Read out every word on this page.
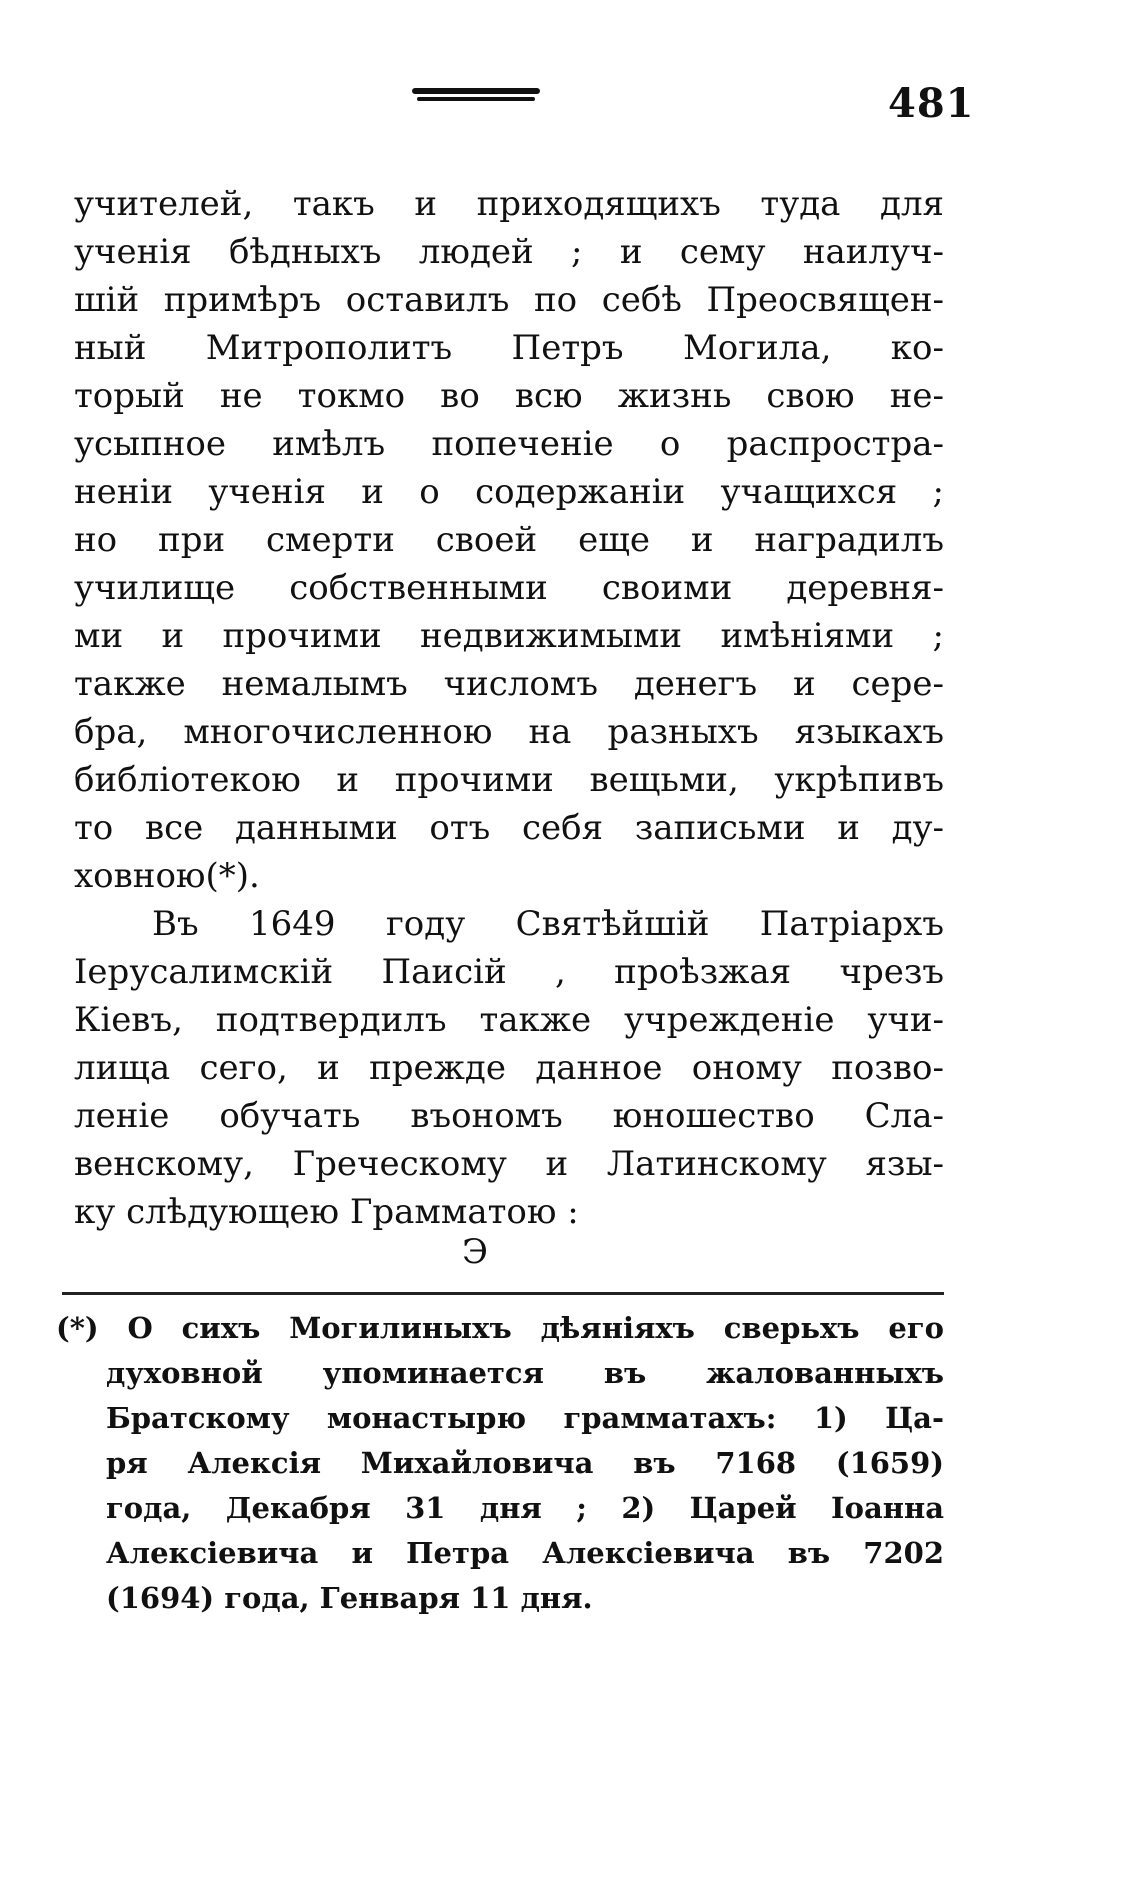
481
учителей, такъ и приходящихъ туда для
ученія бѣдныхъ людей ; и сему наилуч-
шій примѣръ оставилъ по себѣ Преосвящен-
ный Митрополитъ Петръ Могила, ко-
торый не токмо во всю жизнь свою не-
усыпное имѣлъ попеченіе о распростра-
неніи ученія и о содержаніи учащихся ;
но при смерти своей еще и наградилъ
училище собственными своими деревня-
ми и прочими недвижимыми имѣніями ;
также немалымъ числомъ денегъ и сере-
бра, многочисленною на разныхъ языкахъ
библіотекою и прочими вещьми, укрѣпивъ
то все данными отъ себя записьми и ду-
ховною(*).
Въ 1649 году Святѣйшій Патріархъ
Іерусалимскій Паисій , проѣзжая чрезъ
Кіевъ, подтвердилъ также учрежденіе учи-
лища сего, и прежде данное оному позво-
леніе обучать въономъ юношество Сла-
венскому, Греческому и Латинскому язы-
ку слѣдующею Грамматою :
Э
(*) О сихъ Могилиныхъ дѣяніяхъ сверьхъ его
духовной упоминается въ жалованныхъ
Братскому монастырю грамматахъ: 1) Ца-
ря Алексія Михайловича въ 7168 (1659)
года, Декабря 31 дня ; 2) Царей Іоанна
Алексіевича и Петра Алексіевича въ 7202
(1694) года, Генваря 11 дня.
